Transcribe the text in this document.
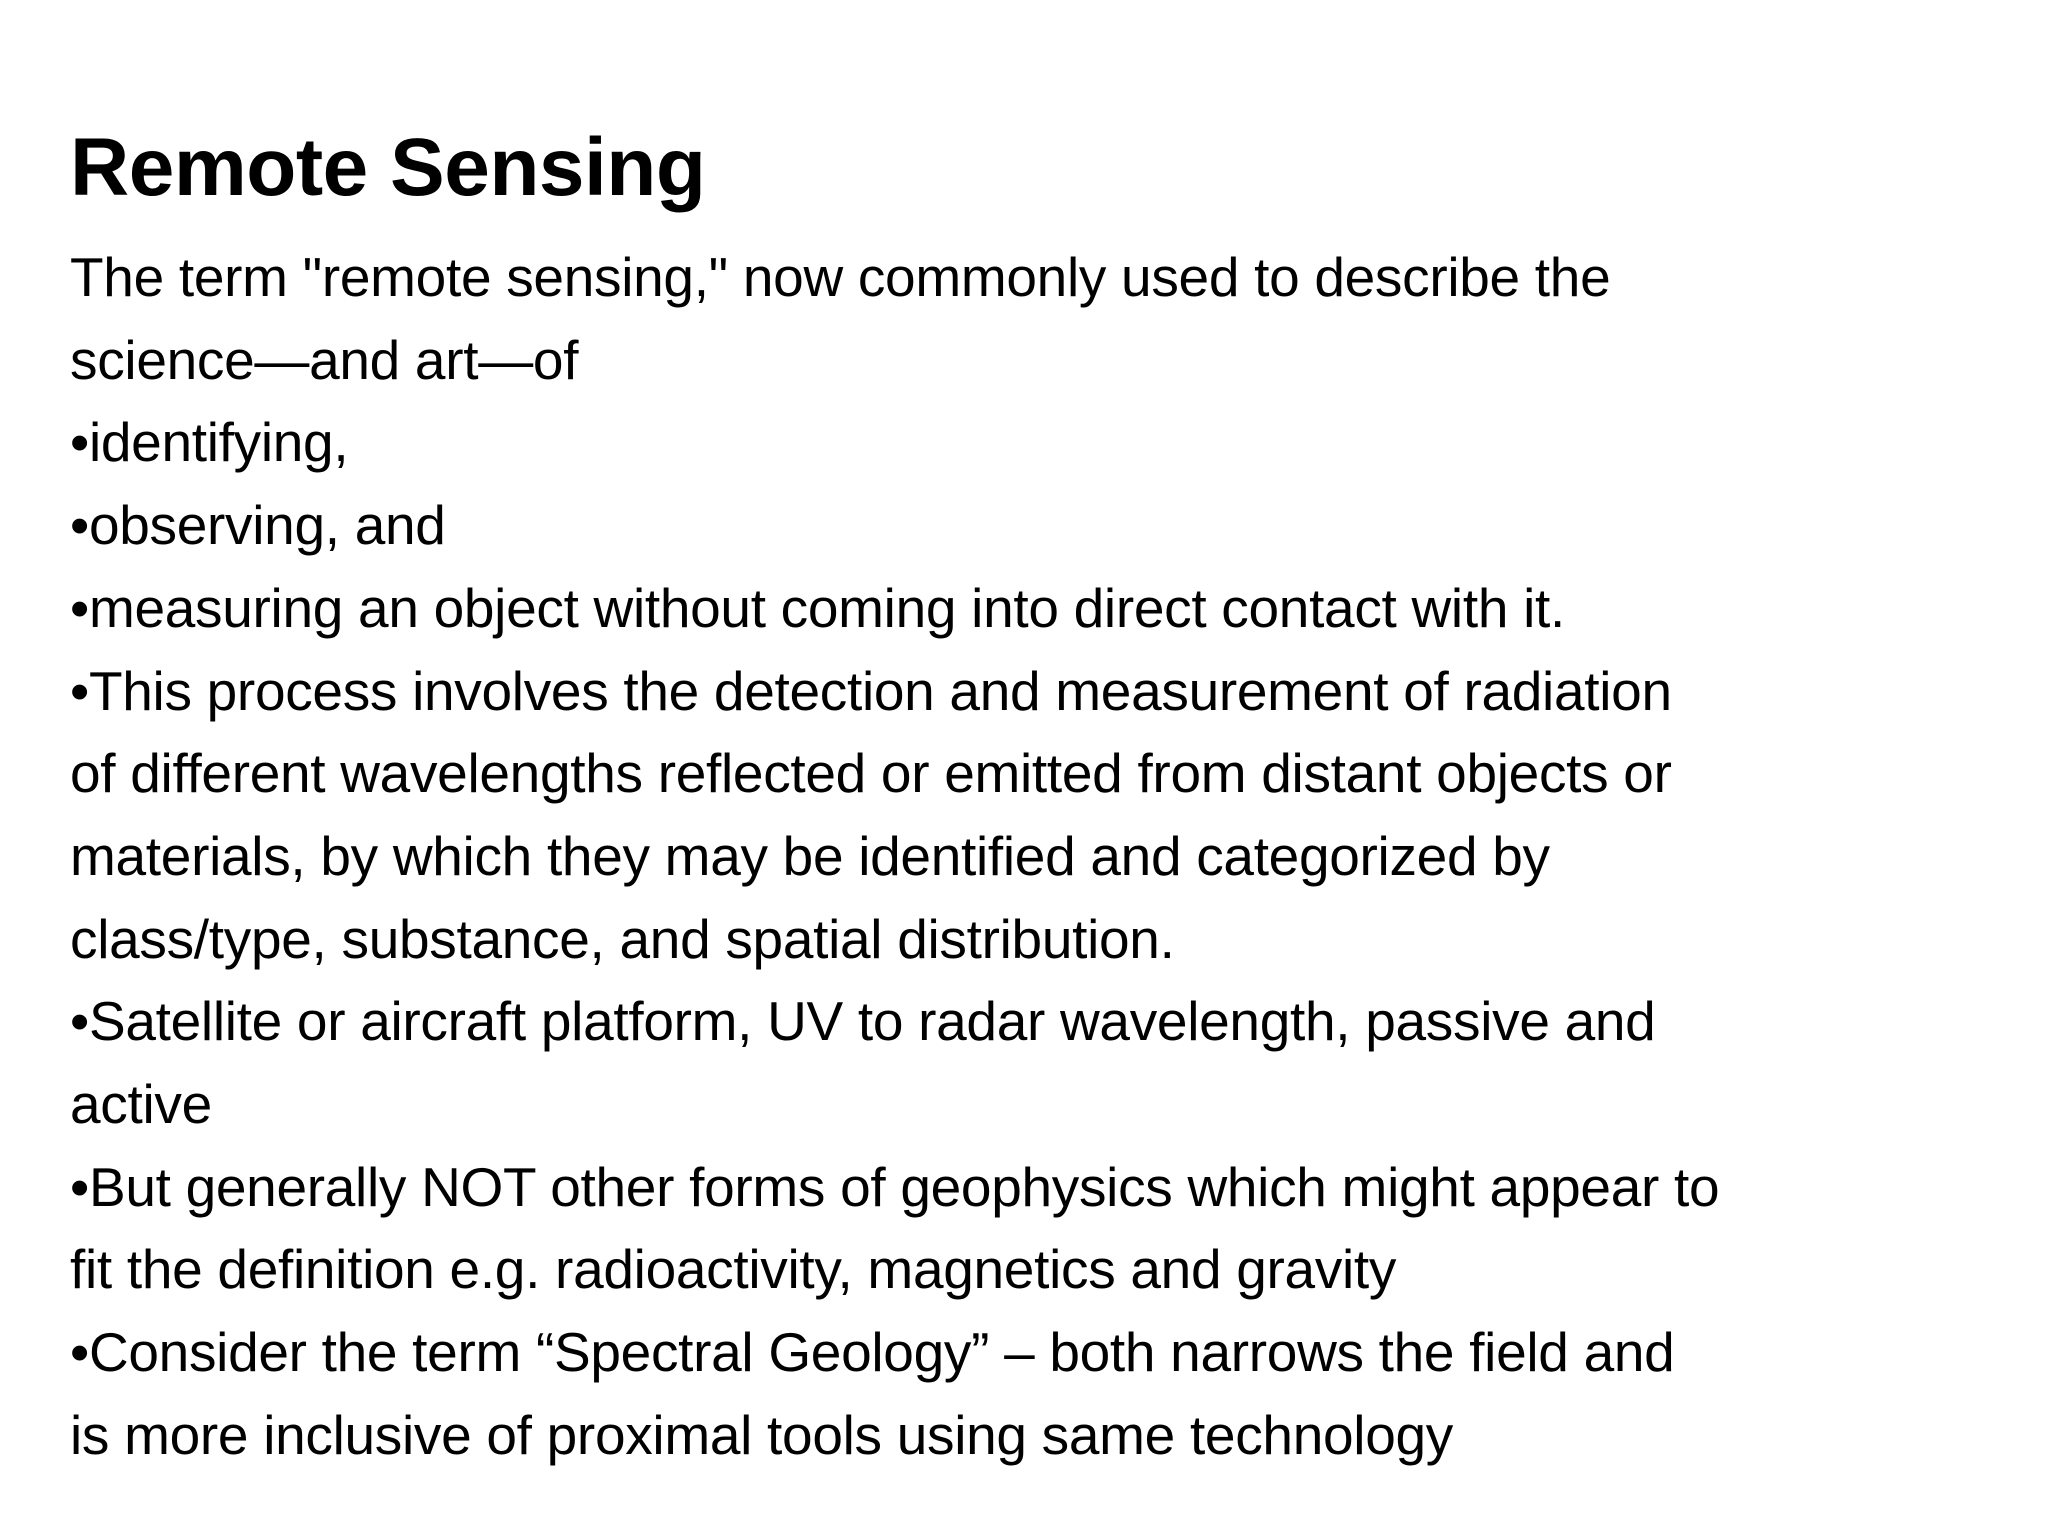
Remote Sensing

The term "remote sensing," now commonly used to describe the

science—and art—of

•identifying,

•observing, and

•measuring an object without coming into direct contact with it.

•This process involves the detection and measurement of radiation

of different wavelengths reflected or emitted from distant objects or

materials, by which they may be identified and categorized by

class/type, substance, and spatial distribution.

•Satellite or aircraft platform, UV to radar wavelength, passive and

active

•But generally NOT other forms of geophysics which might appear to

fit the definition e.g. radioactivity, magnetics and gravity

•Consider the term “Spectral Geology” – both narrows the field and

is more inclusive of proximal tools using same technology
